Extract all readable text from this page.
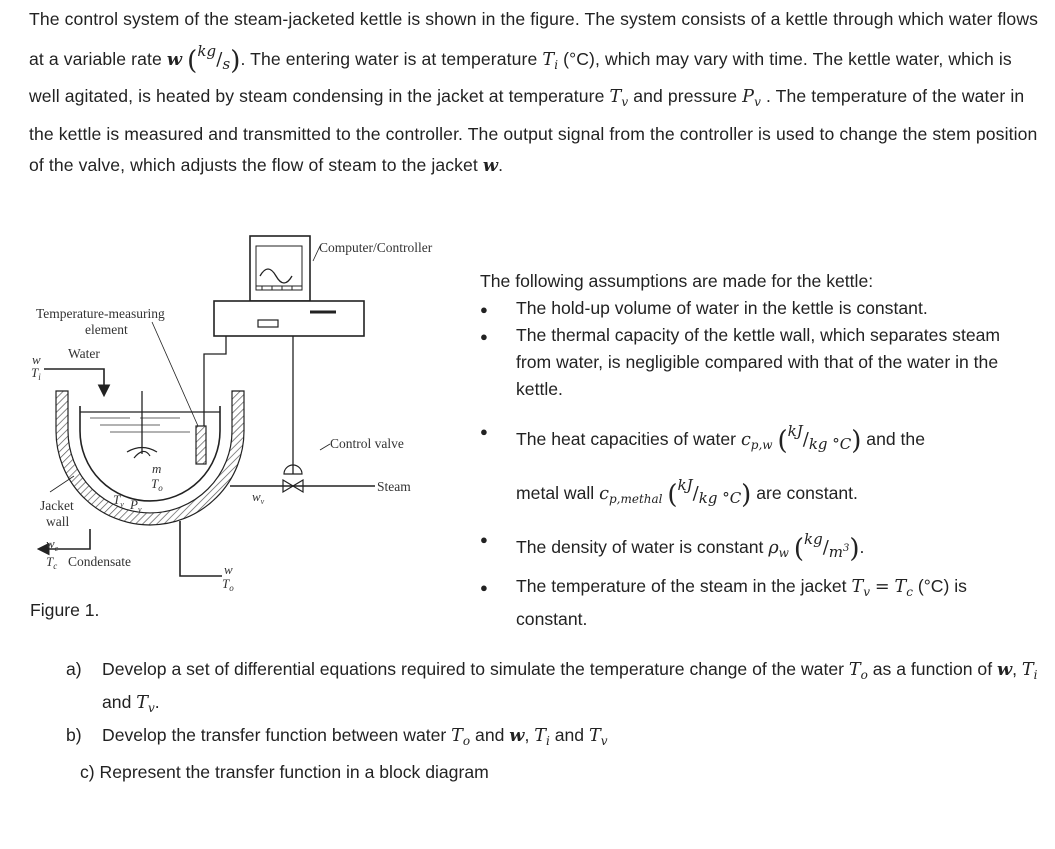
The control system of the steam-jacketed kettle is shown in the figure. The system consists of a kettle through which water flows at a variable rate w (kg/s). The entering water is at temperature $T_i$ (°C), which may vary with time. The kettle water, which is well agitated, is heated by steam condensing in the jacket at temperature $T_v$ and pressure $P_v$ . The temperature of the water in the kettle is measured and transmitted to the controller. The output signal from the controller is used to change the stem position of the valve, which adjusts the flow of steam to the jacket w.
Computer/Controller
Temperature-measuring
element
Water
w
$T_i$
m
$T_o$
$T_v$ $P_v$
$w_v$
Control valve
Steam
Jacket
wall
$w_c$
$T_c$ Condensate
w
$T_o$
Figure 1.
The following assumptions are made for the kettle:
● The hold-up volume of water in the kettle is constant.
● The thermal capacity of the kettle wall, which separates steam from water, is negligible compared with that of the water in the kettle.
● The heat capacities of water $c_{p,w}$ (kJ/kg °C) and the
metal wall $c_{p,methal}$ (kJ/kg °C) are constant.
● The density of water is constant $\rho_w$ $(kg/m^3)$.
● The temperature of the steam in the jacket $T_v = T_c$ (°C) is constant.
a) Develop a set of differential equations required to simulate the temperature change of the water $T_o$ as a function of w, $T_i$ and $T_v$.
b) Develop the transfer function between water $T_o$ and w, $T_i$ and $T_v$
c) Represent the transfer function in a block diagram
